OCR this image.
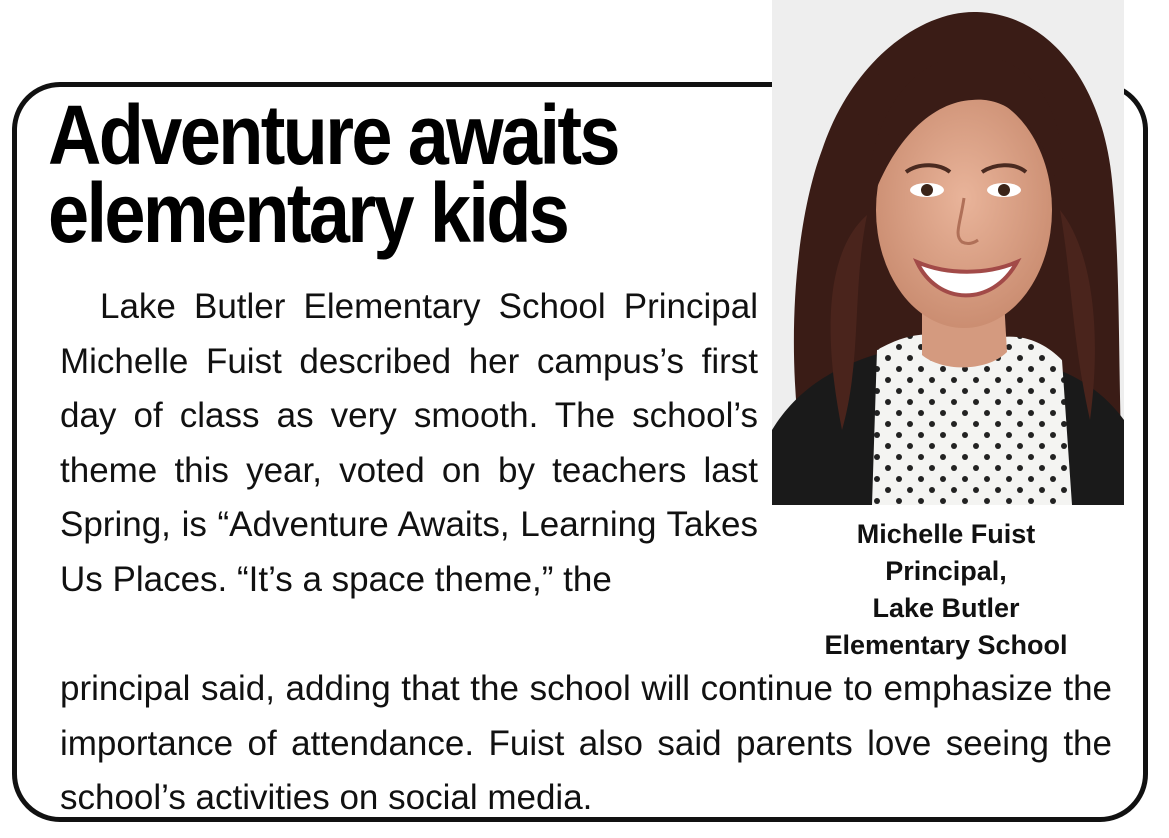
Adventure awaits
elementary kids

Lake Butler Elementary School Principal Michelle Fuist described her campus’s first day of class as very smooth. The school’s theme this year, voted on by teachers last Spring, is “Adventure Awaits, Learning Takes Us Places. “It’s a space theme,” the

principal said, adding that the school will continue to emphasize the importance of attendance. Fuist also said parents love seeing the school’s activities on social media.

Michelle Fuist
Principal,
Lake Butler
Elementary School
